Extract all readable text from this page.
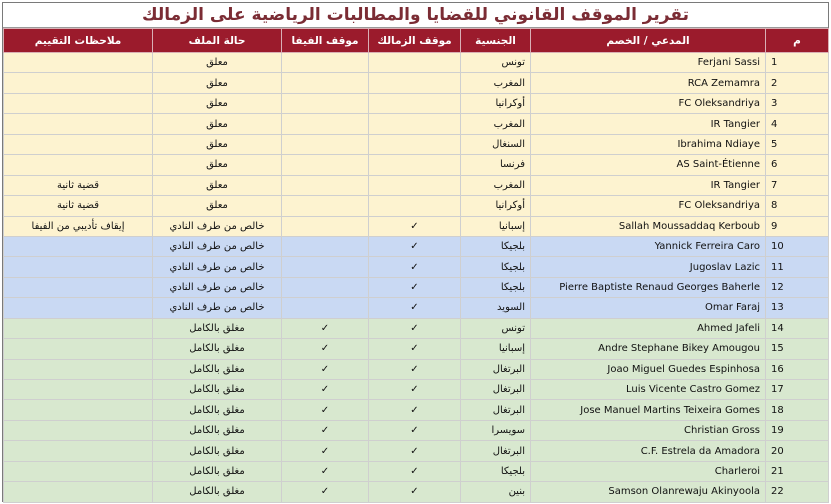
تقرير الموقف القانوني للقضايا والمطالبات الرياضية على الزمالك
م	المدعي / الخصم	الجنسية	موقف الزمالك	موقف الفيفا	حالة الملف	ملاحظات التقييم
1	Ferjani Sassi	تونس			معلق	
2	RCA Zemamra	المغرب			معلق	
3	FC Oleksandriya	أوكرانيا			معلق	
4	IR Tangier	المغرب			معلق	
5	Ibrahima Ndiaye	السنغال			معلق	
6	AS Saint-Étienne	فرنسا			معلق	
7	IR Tangier	المغرب			معلق	قضية ثانية
8	FC Oleksandriya	أوكرانيا			معلق	قضية ثانية
9	Sallah Moussaddaq Kerboub	إسبانيا	✓		خالص من طرف النادي	إيقاف تأديبي من الفيفا
10	Yannick Ferreira Caro	بلجيكا	✓		خالص من طرف النادي	
11	Jugoslav Lazic	بلجيكا	✓		خالص من طرف النادي	
12	Pierre Baptiste Renaud Georges Baherle	بلجيكا	✓		خالص من طرف النادي	
13	Omar Faraj	السويد	✓		خالص من طرف النادي	
14	Ahmed Jafeli	تونس	✓	✓	مغلق بالكامل	
15	Andre Stephane Bikey Amougou	إسبانيا	✓	✓	مغلق بالكامل	
16	Joao Miguel Guedes Espinhosa	البرتغال	✓	✓	مغلق بالكامل	
17	Luis Vicente Castro Gomez	البرتغال	✓	✓	مغلق بالكامل	
18	Jose Manuel Martins Teixeira Gomes	البرتغال	✓	✓	مغلق بالكامل	
19	Christian Gross	سويسرا	✓	✓	مغلق بالكامل	
20	C.F. Estrela da Amadora	البرتغال	✓	✓	مغلق بالكامل	
21	Charleroi	بلجيكا	✓	✓	مغلق بالكامل	
22	Samson Olanrewaju Akinyoola	بنين	✓	✓	مغلق بالكامل	
